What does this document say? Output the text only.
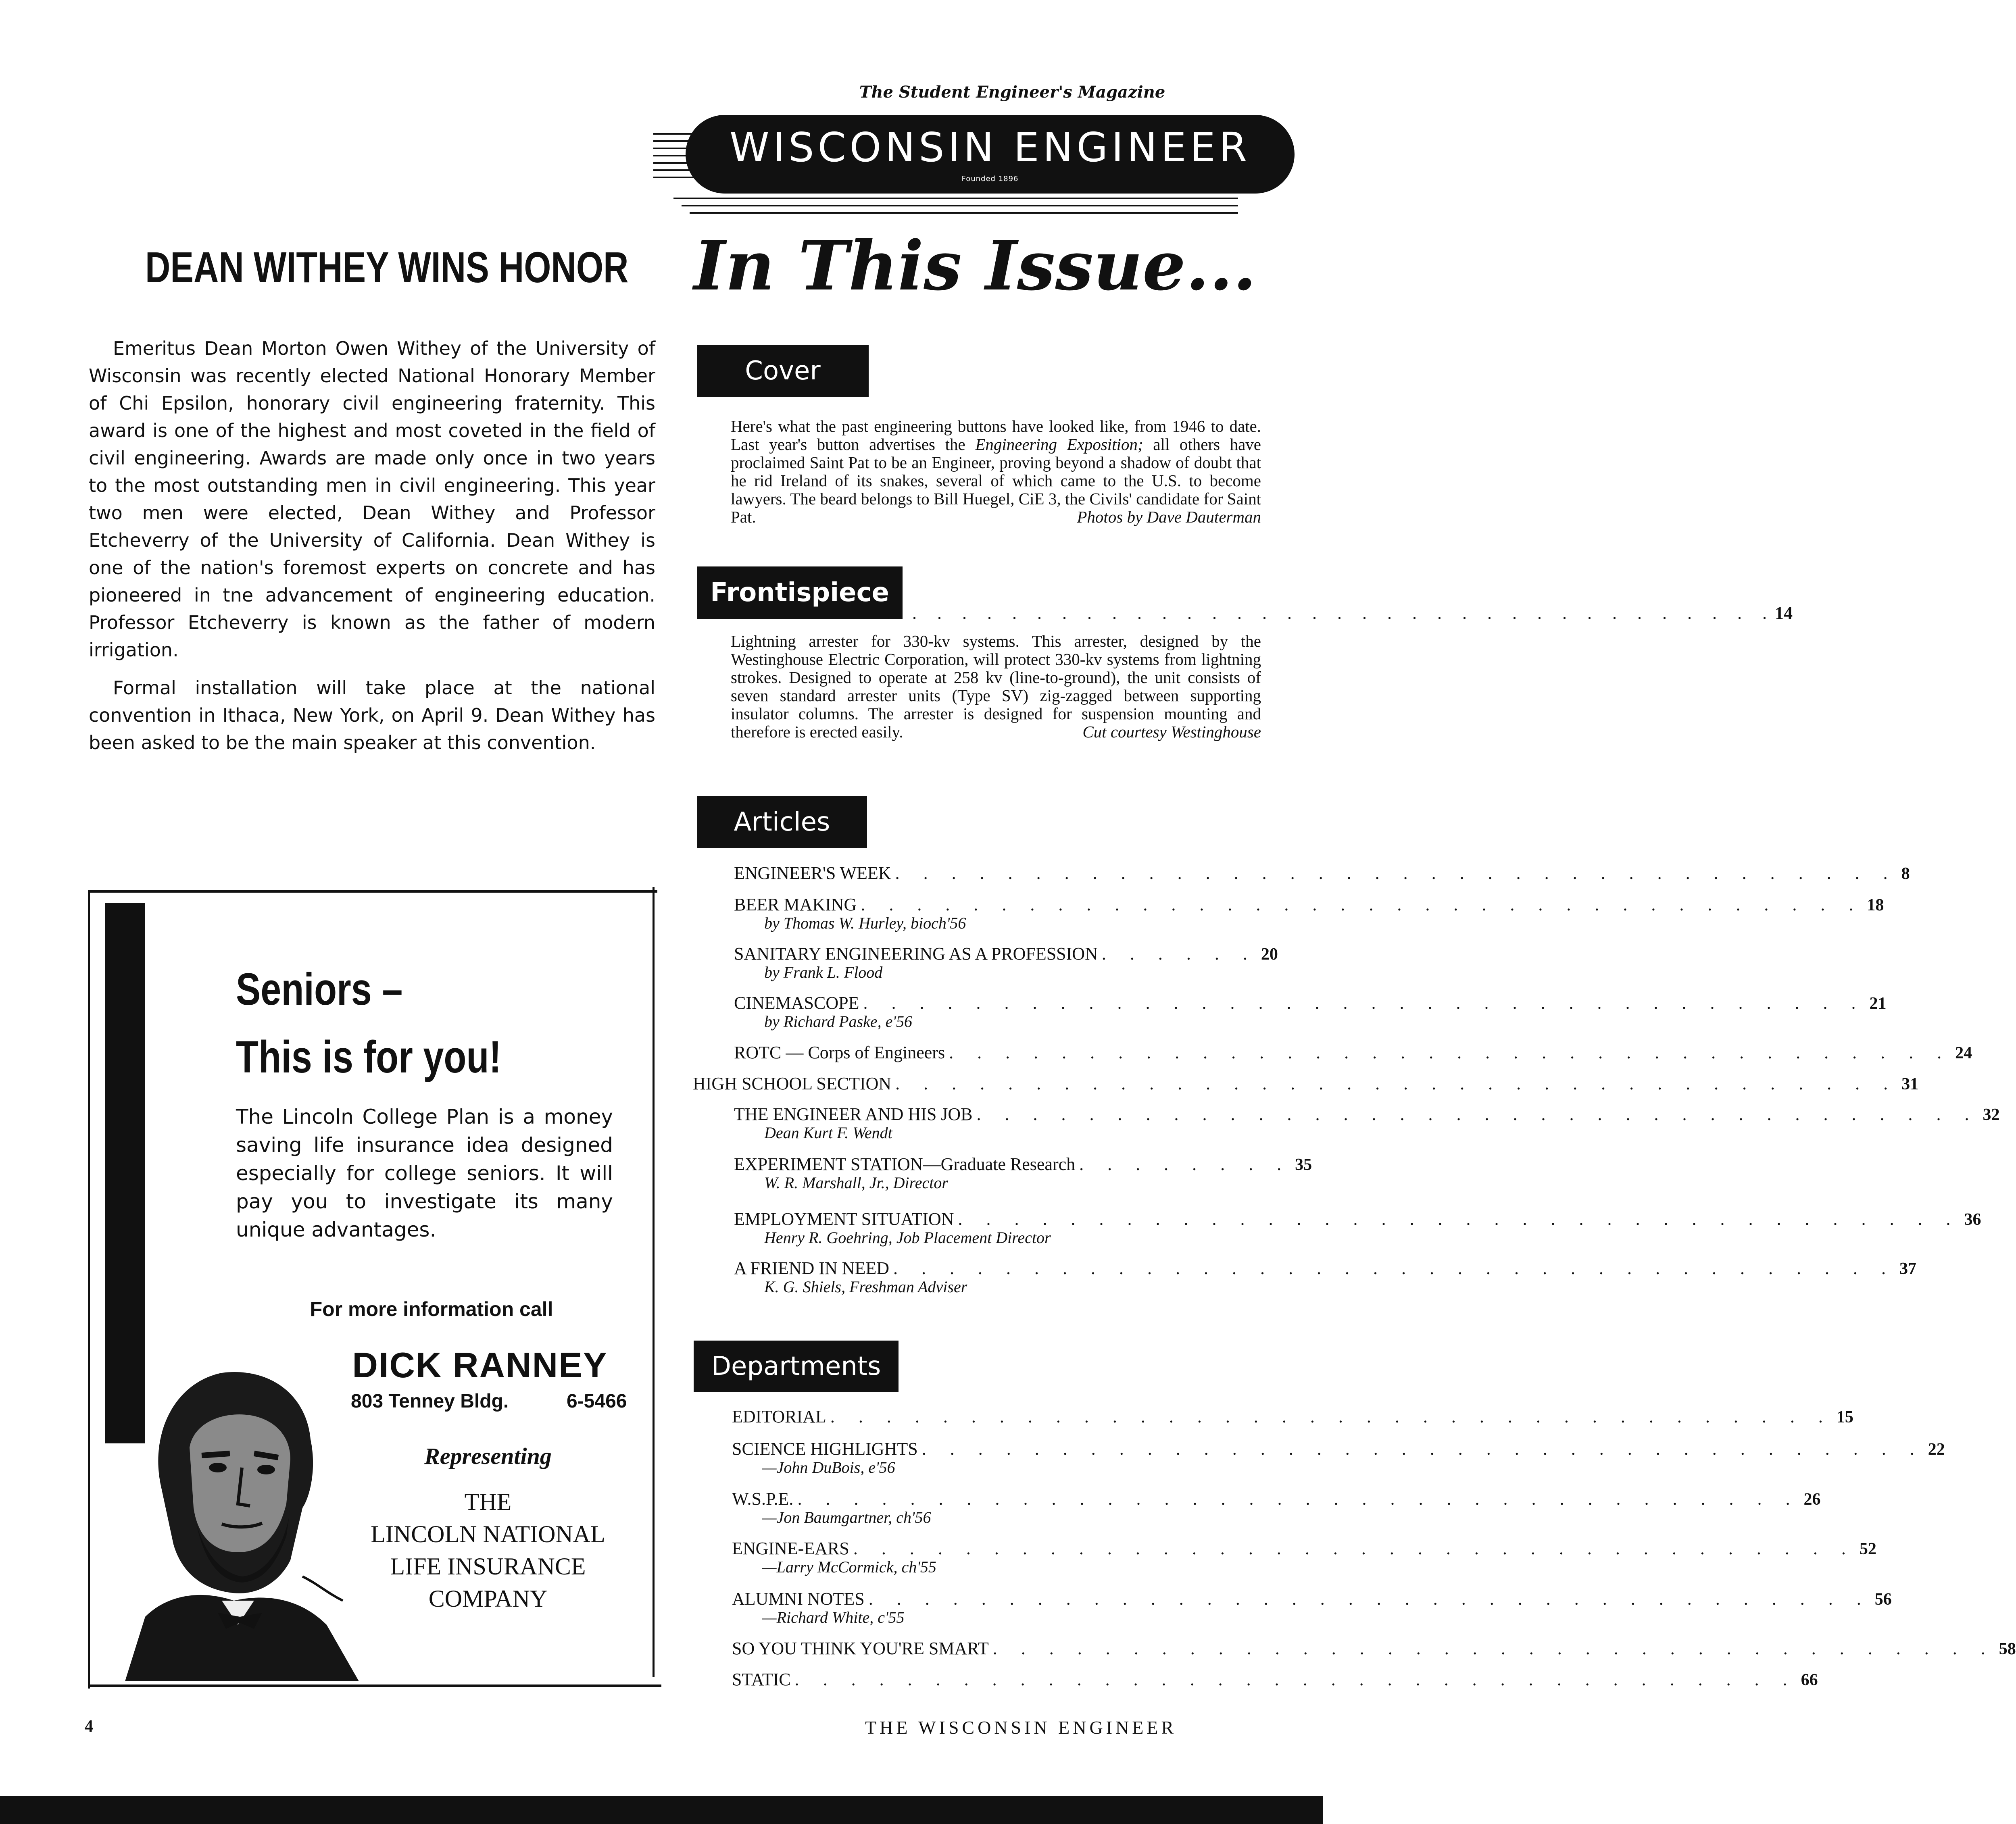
The Student Engineer's Magazine
WISCONSIN ENGINEER
Founded 1896
DEAN WITHEY WINS HONOR

Emeritus Dean Morton Owen Withey of the University of Wisconsin was recently elected National Honorary Member of Chi Epsilon, honorary civil engineering fraternity. This award is one of the highest and most coveted in the field of civil engineering. Awards are made only once in two years to the most outstanding men in civil engineering. This year two men were elected, Dean Withey and Professor Etcheverry of the University of California. Dean Withey is one of the nation's foremost experts on concrete and has pioneered in tne advancement of engineering education. Professor Etcheverry is known as the father of modern irrigation.

Formal installation will take place at the national convention in Ithaca, New York, on April 9. Dean Withey has been asked to be the main speaker at this convention.

Seniors –
This is for you!
The Lincoln College Plan is a money saving life insurance idea designed especially for college seniors. It will pay you to investigate its many unique advantages.
For more information call
DICK RANNEY
803 Tenney Bldg.	6-5466
Representing
THE
LINCOLN NATIONAL
LIFE INSURANCE
COMPANY
4
In This Issue...
Cover
Here's what the past engineering buttons have looked like, from 1946 to date. Last year's button advertises the Engineering Exposition; all others have proclaimed Saint Pat to be an Engineer, proving beyond a shadow of doubt that he rid Ireland of its snakes, several of which came to the U.S. to become lawyers. The beard belongs to Bill Huegel, CiE 3, the Civils' candidate for Saint Pat.	Photos by Dave Dauterman
Frontispiece
. . . . . . . . . . . . . . . . . . . . . . . . . . . . . . . . . . . . 14
Lightning arrester for 330-kv systems. This arrester, designed by the Westinghouse Electric Corporation, will protect 330-kv systems from lightning strokes. Designed to operate at 258 kv (line-to-ground), the unit consists of seven standard arrester units (Type SV) zig-zagged between supporting insulator columns. The arrester is designed for suspension mounting and therefore is erected easily.	Cut courtesy Westinghouse
Articles
ENGINEER'S WEEK . . . . . . . . . . . . . . . . . . . . . . . . . . . . . . . . . . . . 8
BEER MAKING . . . . . . . . . . . . . . . . . . . . . . . . . . . . . . . . . . . . 18
by Thomas W. Hurley, bioch'56
SANITARY ENGINEERING AS A PROFESSION . . . . . . 20
by Frank L. Flood
CINEMASCOPE . . . . . . . . . . . . . . . . . . . . . . . . . . . . . . . . . . . . 21
by Richard Paske, e'56
ROTC — Corps of Engineers . . . . . . . . . . . . . . . . . . . . . . . . . . . . . . . . . . . . 24
HIGH SCHOOL SECTION . . . . . . . . . . . . . . . . . . . . . . . . . . . . . . . . . . . . 31
THE ENGINEER AND HIS JOB . . . . . . . . . . . . . . . . . . . . . . . . . . . . . . . . . . . . 32
Dean Kurt F. Wendt
EXPERIMENT STATION—Graduate Research . . . . . . . . 35
W. R. Marshall, Jr., Director
EMPLOYMENT SITUATION . . . . . . . . . . . . . . . . . . . . . . . . . . . . . . . . . . . . 36
Henry R. Goehring, Job Placement Director
A FRIEND IN NEED . . . . . . . . . . . . . . . . . . . . . . . . . . . . . . . . . . . . 37
K. G. Shiels, Freshman Adviser
Departments
EDITORIAL . . . . . . . . . . . . . . . . . . . . . . . . . . . . . . . . . . . . 15
SCIENCE HIGHLIGHTS . . . . . . . . . . . . . . . . . . . . . . . . . . . . . . . . . . . . 22
—John DuBois, e'56
W.S.P.E. . . . . . . . . . . . . . . . . . . . . . . . . . . . . . . . . . . . . 26
—Jon Baumgartner, ch'56
ENGINE-EARS . . . . . . . . . . . . . . . . . . . . . . . . . . . . . . . . . . . . 52
—Larry McCormick, ch'55
ALUMNI NOTES . . . . . . . . . . . . . . . . . . . . . . . . . . . . . . . . . . . . 56
—Richard White, c'55
SO YOU THINK YOU'RE SMART . . . . . . . . . . . . . . . . . . . . . . . . . . . . . . . . . . . . 58
STATIC . . . . . . . . . . . . . . . . . . . . . . . . . . . . . . . . . . . . 66
THE WISCONSIN ENGINEER
